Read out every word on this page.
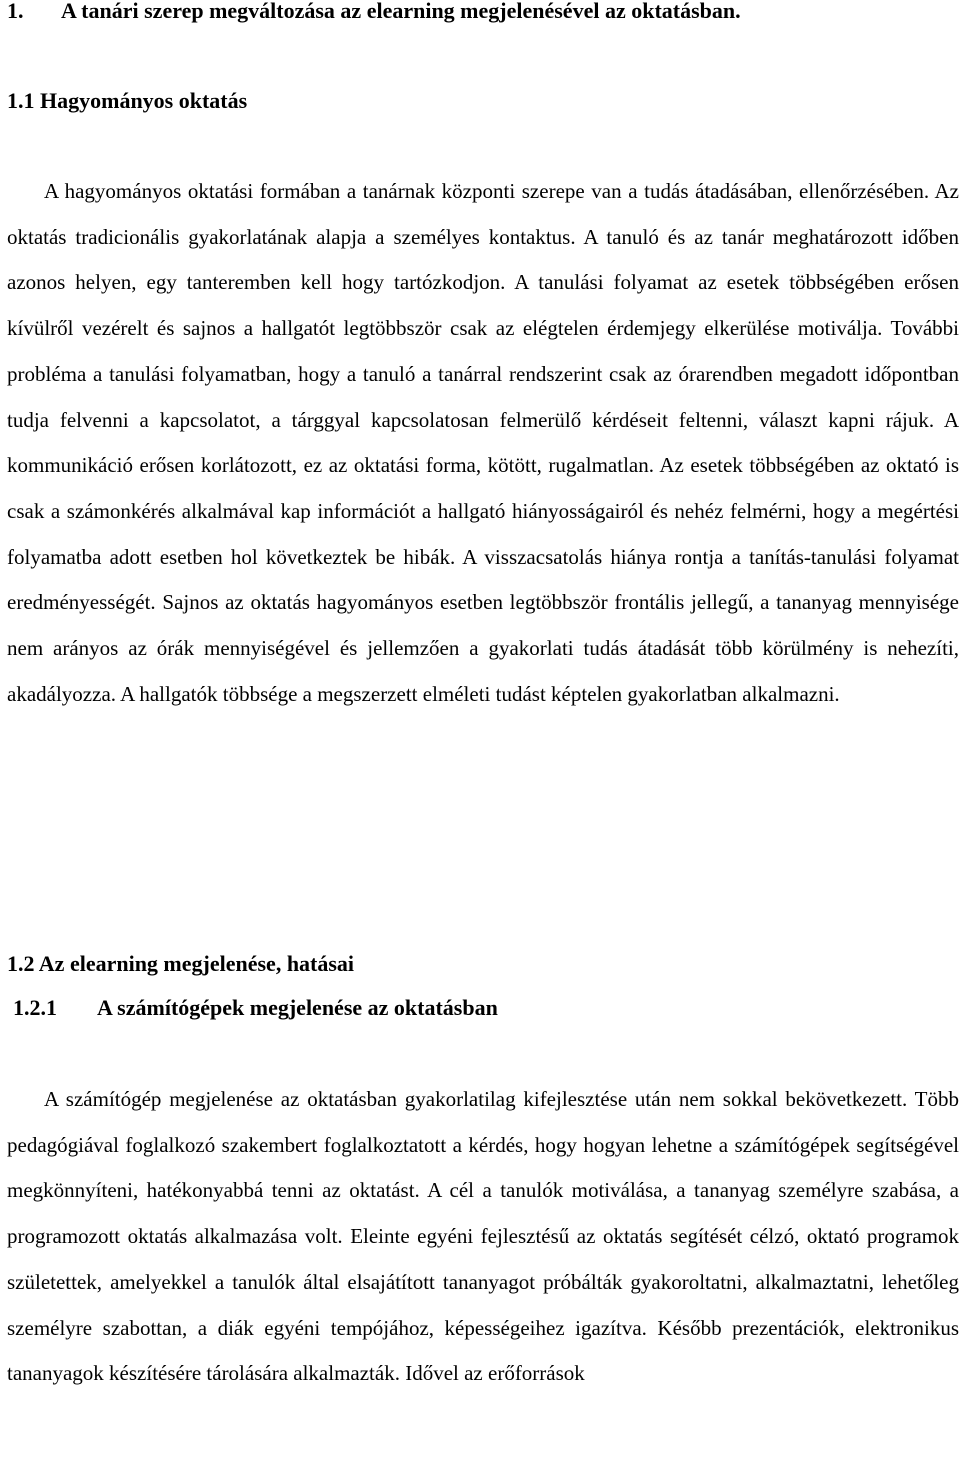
1. A tanári szerep megváltozása az elearning megjelenésével az oktatásban.
1.1 Hagyományos oktatás

A hagyományos oktatási formában a tanárnak központi szerepe van a tudás átadásában, ellenőrzésében. Az oktatás tradicionális gyakorlatának alapja a személyes kontaktus. A tanuló és az tanár meghatározott időben azonos helyen, egy tanteremben kell hogy tartózkodjon. A tanulási folyamat az esetek többségében erősen kívülről vezérelt és sajnos a hallgatót legtöbbször csak az elégtelen érdemjegy elkerülése motiválja. További probléma a tanulási folyamatban, hogy a tanuló a tanárral rendszerint csak az órarendben megadott időpontban tudja felvenni a kapcsolatot, a tárggyal kapcsolatosan felmerülő kérdéseit feltenni, választ kapni rájuk. A kommunikáció erősen korlátozott, ez az oktatási forma, kötött, rugalmatlan. Az esetek többségében az oktató is csak a számonkérés alkalmával kap információt a hallgató hiányosságairól és nehéz felmérni, hogy a megértési folyamatba adott esetben hol következtek be hibák. A visszacsatolás hiánya rontja a tanítás-tanulási folyamat eredményességét. Sajnos az oktatás hagyományos esetben legtöbbször frontális jellegű, a tananyag mennyisége nem arányos az órák mennyiségével és jellemzően a gyakorlati tudás átadását több körülmény is nehezíti, akadályozza. A hallgatók többsége a megszerzett elméleti tudást képtelen gyakorlatban alkalmazni.

1.2 Az elearning megjelenése, hatásai
1.2.1 A számítógépek megjelenése az oktatásban

A számítógép megjelenése az oktatásban gyakorlatilag kifejlesztése után nem sokkal bekövetkezett. Több pedagógiával foglalkozó szakembert foglalkoztatott a kérdés, hogy hogyan lehetne a számítógépek segítségével megkönnyíteni, hatékonyabbá tenni az oktatást. A cél a tanulók motiválása, a tananyag személyre szabása, a programozott oktatás alkalmazása volt. Eleinte egyéni fejlesztésű az oktatás segítését célzó, oktató programok születettek, amelyekkel a tanulók által elsajátított tananyagot próbálták gyakoroltatni, alkalmaztatni, lehetőleg személyre szabottan, a diák egyéni tempójához, képességeihez igazítva. Később prezentációk, elektronikus tananyagok készítésére tárolására alkalmazták. Idővel az erőforrások
